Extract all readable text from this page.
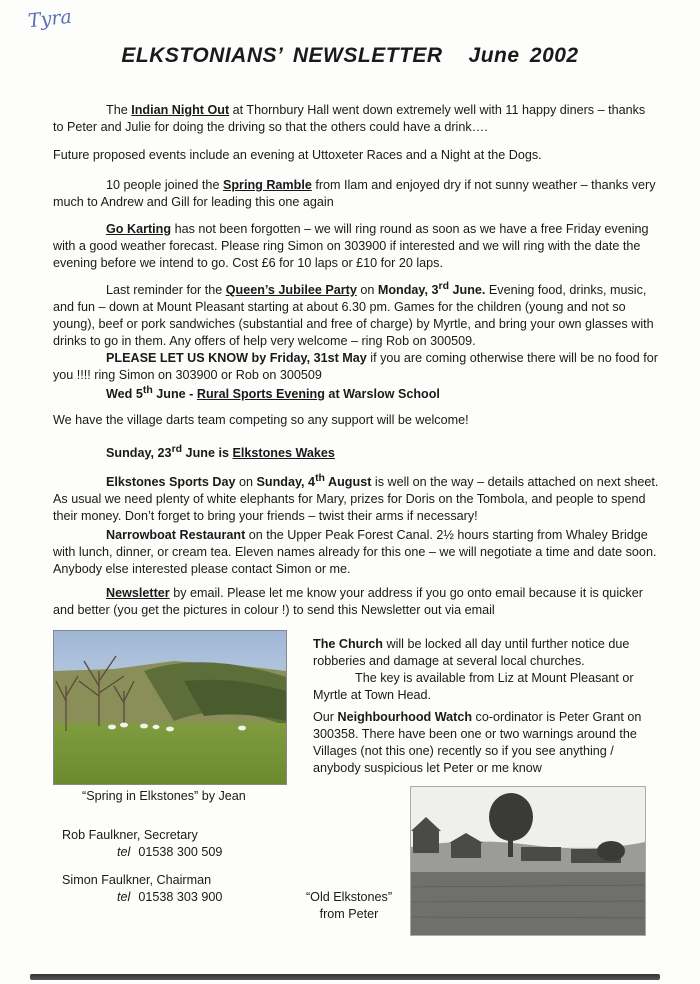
Tyra
ELKSTONIANS’ NEWSLETTER June 2002
The Indian Night Out at Thornbury Hall went down extremely well with 11 happy diners – thanks to Peter and Julie for doing the driving so that the others could have a drink….
Future proposed events include an evening at Uttoxeter Races and a Night at the Dogs.
10 people joined the Spring Ramble from Ilam and enjoyed dry if not sunny weather – thanks very much to Andrew and Gill for leading this one again
Go Karting has not been forgotten – we will ring round as soon as we have a free Friday evening with a good weather forecast. Please ring Simon on 303900 if interested and we will ring with the date the evening before we intend to go. Cost £6 for 10 laps or £10 for 20 laps.
Last reminder for the Queen’s Jubilee Party on Monday, 3rd June. Evening food, drinks, music, and fun – down at Mount Pleasant starting at about 6.30 pm. Games for the children (young and not so young), beef or pork sandwiches (substantial and free of charge) by Myrtle, and bring your own glasses with drinks to go in them. Any offers of help very welcome – ring Rob on 300509.
PLEASE LET US KNOW by Friday, 31st May if you are coming otherwise there will be no food for you !!!! ring Simon on 303900 or Rob on 300509
Wed 5th June - Rural Sports Evening at Warslow School
We have the village darts team competing so any support will be welcome!
Sunday, 23rd June is Elkstones Wakes
Elkstones Sports Day on Sunday, 4th August is well on the way – details attached on next sheet. As usual we need plenty of white elephants for Mary, prizes for Doris on the Tombola, and people to spend their money. Don’t forget to bring your friends – twist their arms if necessary!
Narrowboat Restaurant on the Upper Peak Forest Canal. 2½ hours starting from Whaley Bridge with lunch, dinner, or cream tea. Eleven names already for this one – we will negotiate a time and date soon. Anybody else interested please contact Simon or me.
Newsletter by email. Please let me know your address if you go onto email because it is quicker and better (you get the pictures in colour !) to send this Newsletter out via email
“Spring in Elkstones” by Jean
The Church will be locked all day until further notice due robberies and damage at several local churches.
The key is available from Liz at Mount Pleasant or Myrtle at Town Head.
Our Neighbourhood Watch co-ordinator is Peter Grant on 300358. There have been one or two warnings around the Villages (not this one) recently so if you see anything / anybody suspicious let Peter or me know
Rob Faulkner, Secretary
tel 01538 300 509
Simon Faulkner, Chairman
tel 01538 303 900	“Old Elkstones”
from Peter
